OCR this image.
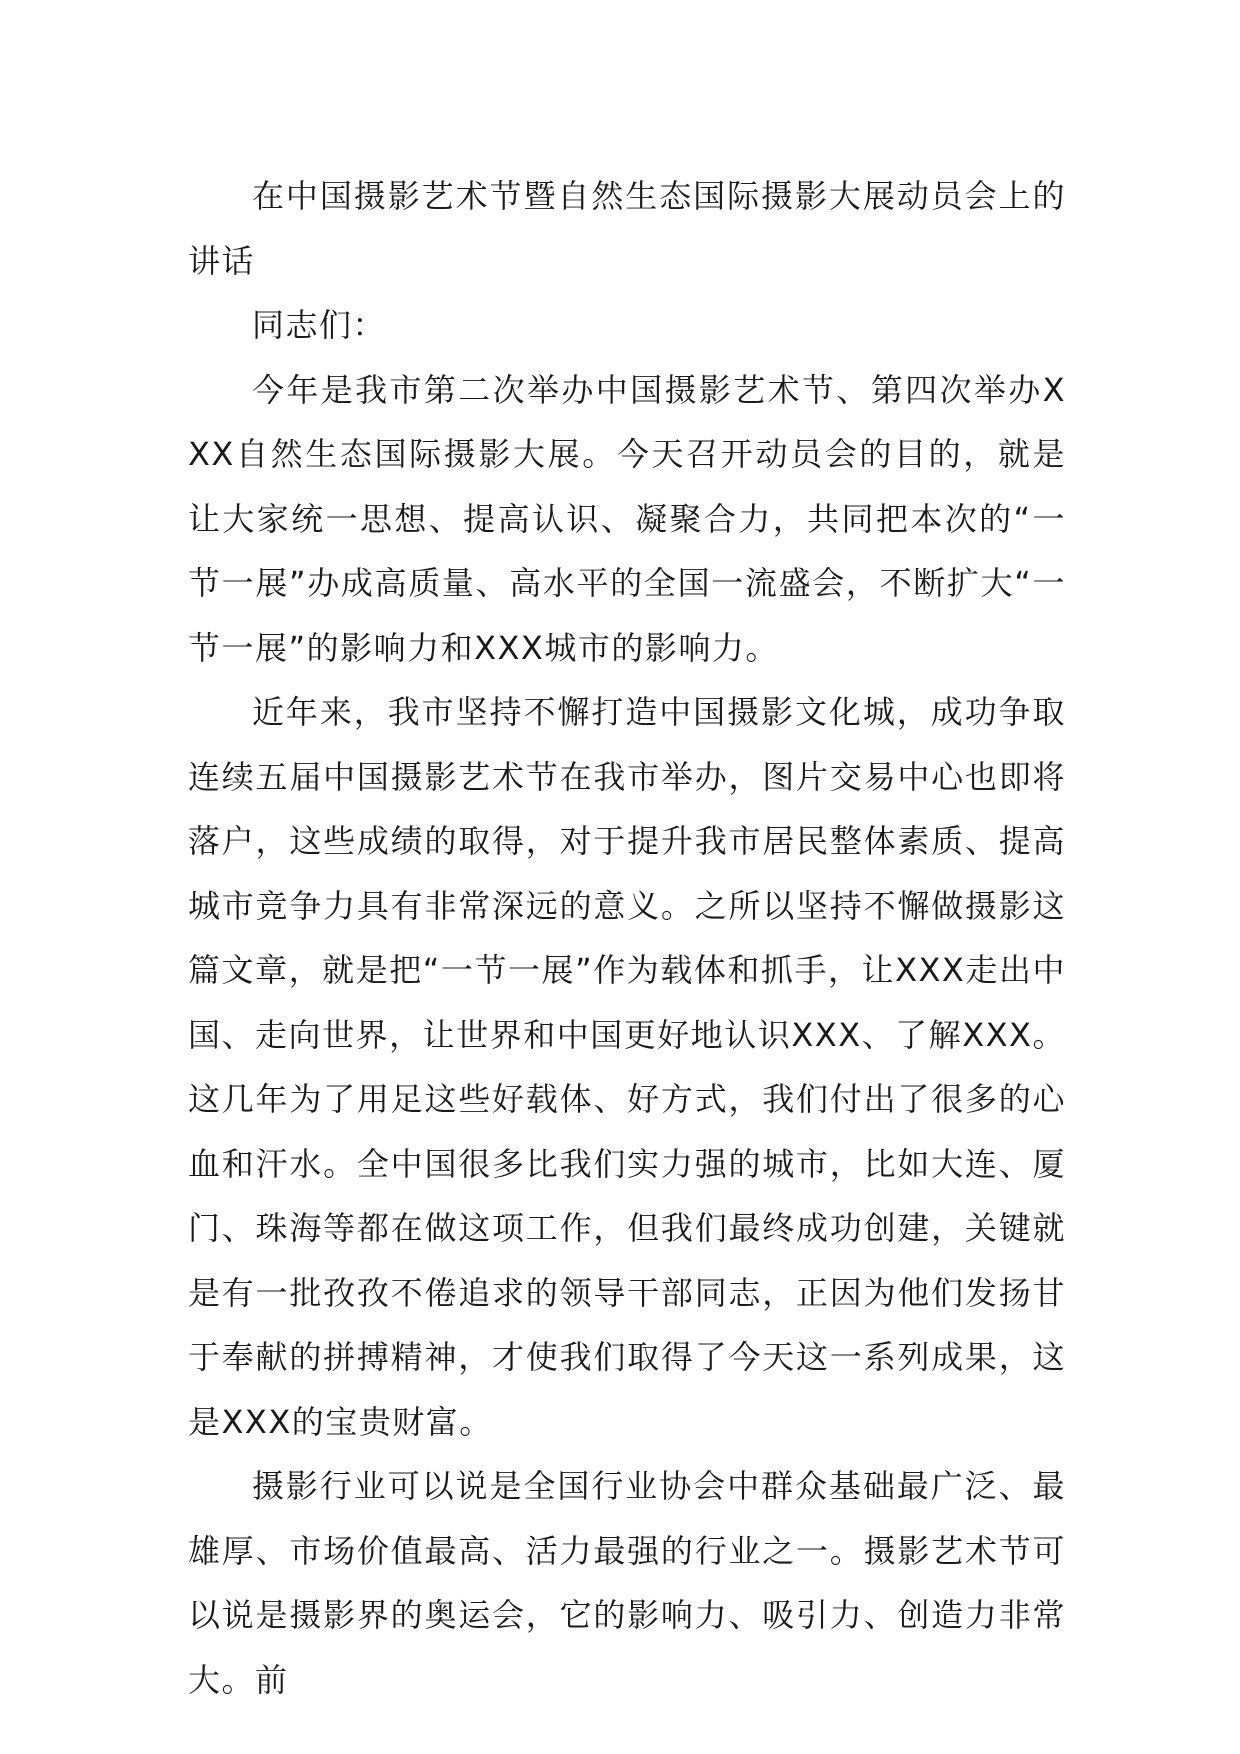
在中国摄影艺术节暨自然生态国际摄影大展动员会上的讲话

同志们：

今年是我市第二次举办中国摄影艺术节、第四次举办XXX自然生态国际摄影大展。今天召开动员会的目的，就是让大家统一思想、提高认识、凝聚合力，共同把本次的“一节一展”办成高质量、高水平的全国一流盛会，不断扩大“一节一展”的影响力和XXX城市的影响力。

近年来，我市坚持不懈打造中国摄影文化城，成功争取连续五届中国摄影艺术节在我市举办，图片交易中心也即将落户，这些成绩的取得，对于提升我市居民整体素质、提高城市竞争力具有非常深远的意义。之所以坚持不懈做摄影这篇文章，就是把“一节一展”作为载体和抓手，让XXX走出中国、走向世界，让世界和中国更好地认识XXX、了解XXX。这几年为了用足这些好载体、好方式，我们付出了很多的心血和汗水。全中国很多比我们实力强的城市，比如大连、厦门、珠海等都在做这项工作，但我们最终成功创建，关键就是有一批孜孜不倦追求的领导干部同志，正因为他们发扬甘于奉献的拼搏精神，才使我们取得了今天这一系列成果，这是XXX的宝贵财富。

摄影行业可以说是全国行业协会中群众基础最广泛、最雄厚、市场价值最高、活力最强的行业之一。摄影艺术节可以说是摄影界的奥运会，它的影响力、吸引力、创造力非常大。前
